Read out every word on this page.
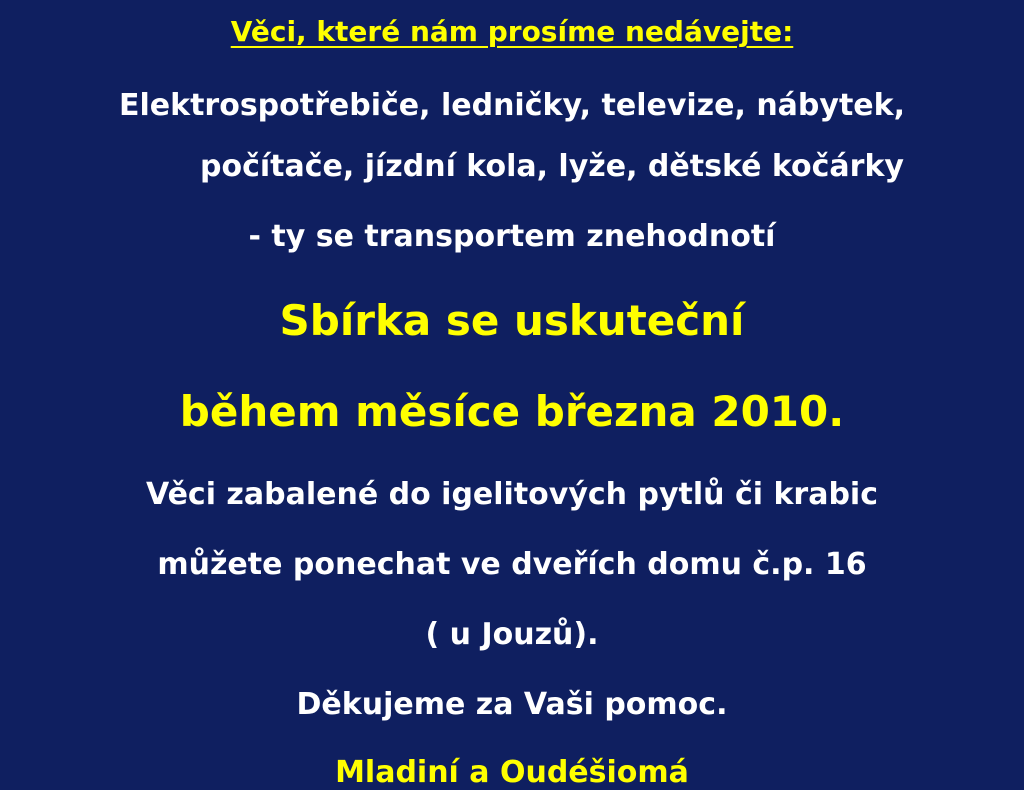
Věci, které nám prosíme nedávejte:
Elektrospotřebiče, ledničky, televize, nábytek,
počítače, jízdní kola, lyže, dětské kočárky
- ty se transportem znehodnotí
Sbírka se uskuteční
během měsíce března 2010.
Věci zabalené do igelitových pytlů či krabic
můžete ponechat ve dveřích domu č.p. 16
( u Jouzů).
Děkujeme za Vaši pomoc.
Mladiní a Oudéšiomá
